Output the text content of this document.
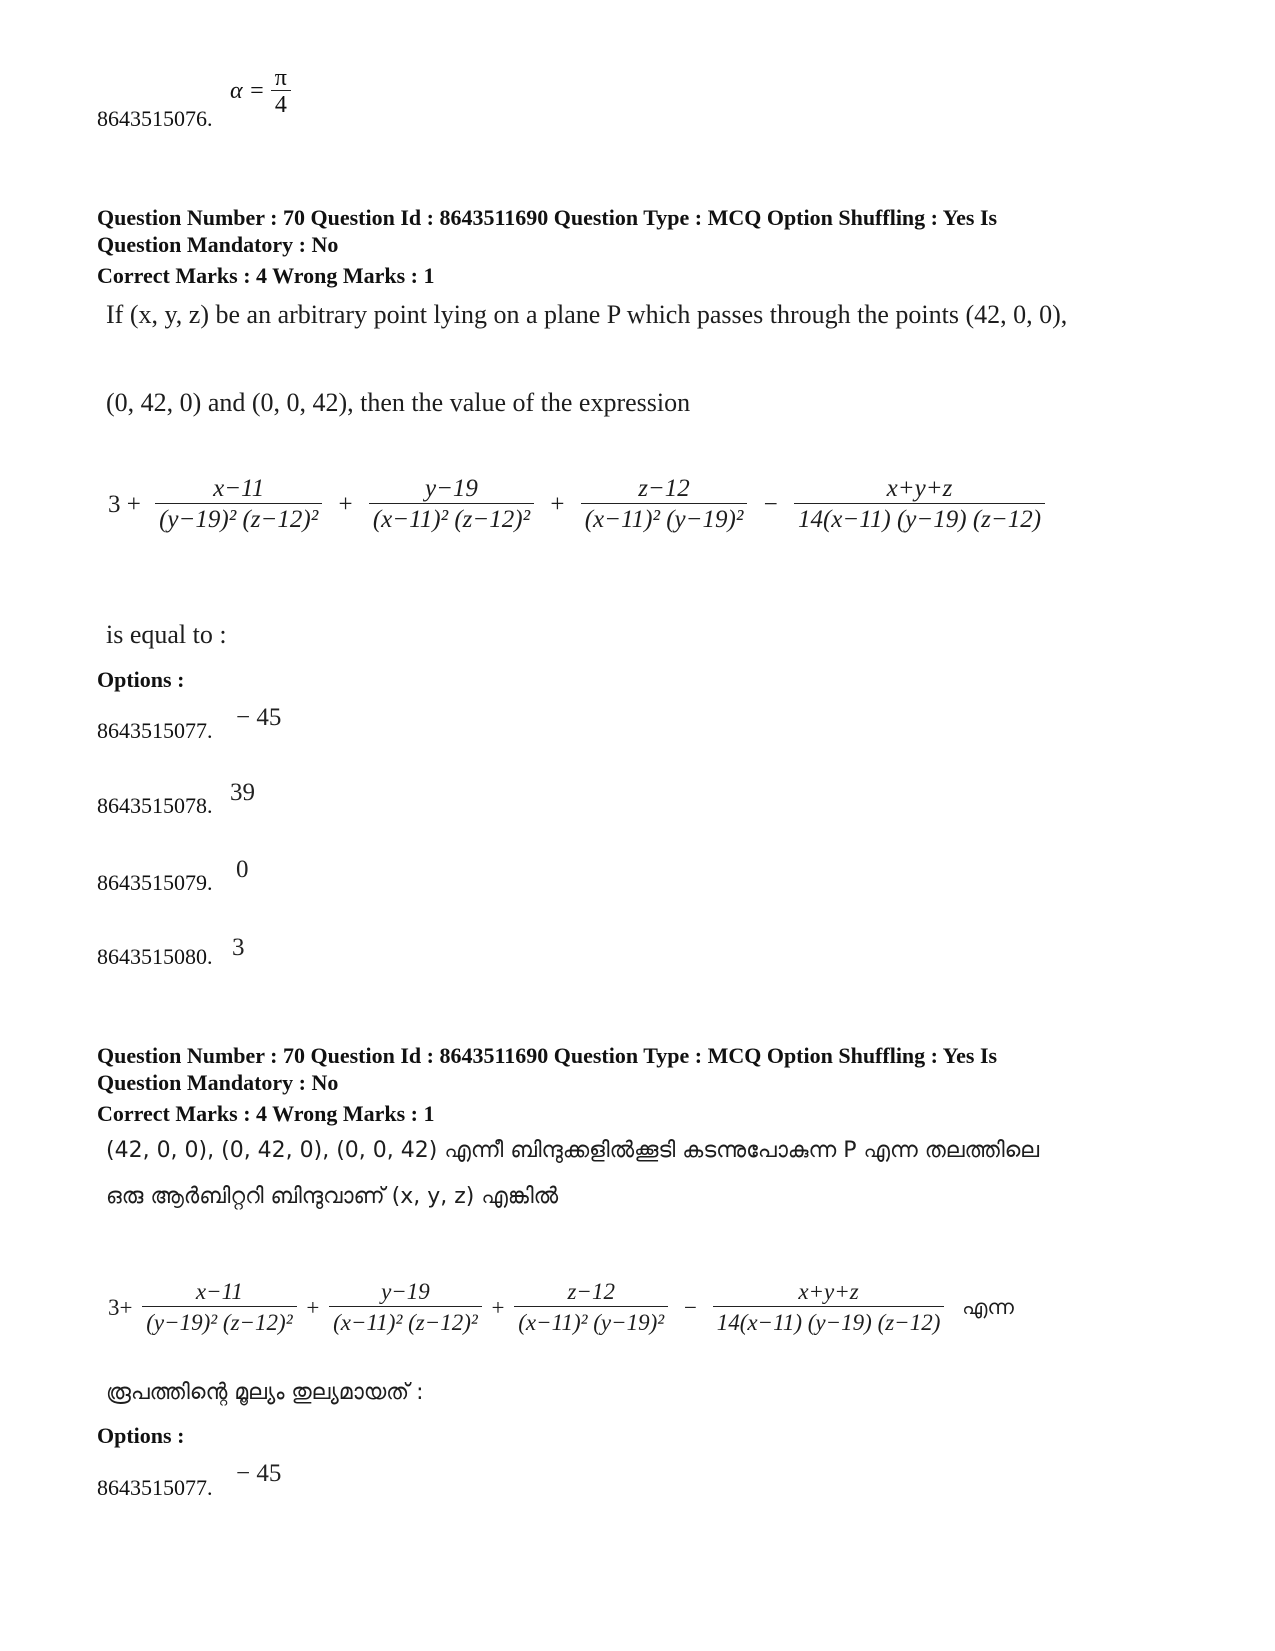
$\alpha = \frac{\pi}{4}$
8643515076.
Question Number : 70 Question Id : 8643511690 Question Type : MCQ Option Shuffling : Yes Is
Question Mandatory : No
Correct Marks : 4 Wrong Marks : 1
If (x, y, z) be an arbitrary point lying on a plane P which passes through the points (42, 0, 0),
(0, 42, 0) and (0, 0, 42), then the value of the expression
$3 + \frac{x-11}{\text{(y−19)² (z−12)²}} + \frac{y-19}{\text{(x−11)² (z−12)²}} + \frac{z-12}{\text{(x−11)² (y−19)²}} - \frac{x+y+z}{14(x-11) (y-19) (z-12)}$
is equal to :
Options :
8643515077. − 45
8643515078. 39
8643515079. 0
8643515080. 3
Question Number : 70 Question Id : 8643511690 Question Type : MCQ Option Shuffling : Yes Is
Question Mandatory : No
Correct Marks : 4 Wrong Marks : 1
(42, 0, 0), (0, 42, 0), (0, 0, 42) എന്നീ ബിന്ദുക്കളിൽക്കൂടി കടന്നുപോകുന്ന P എന്ന തലത്തിലെ
ഒരു ആർബിറ്ററി ബിന്ദുവാണ് (x, y, z) എങ്കിൽ
$3+ \frac{x-11}{\text{(y−19)² (z−12)²}} + \frac{y-19}{\text{(x−11)² (z−12)²}} + \frac{z-12}{\text{(x−11)² (y−19)²}} - \frac{x+y+z}{14(x-11) (y-19) (z-12)}$ എന്ന
രൂപത്തിന്റെ മൂല്യം തുല്യമായത് :
Options :
8643515077.
− 45
